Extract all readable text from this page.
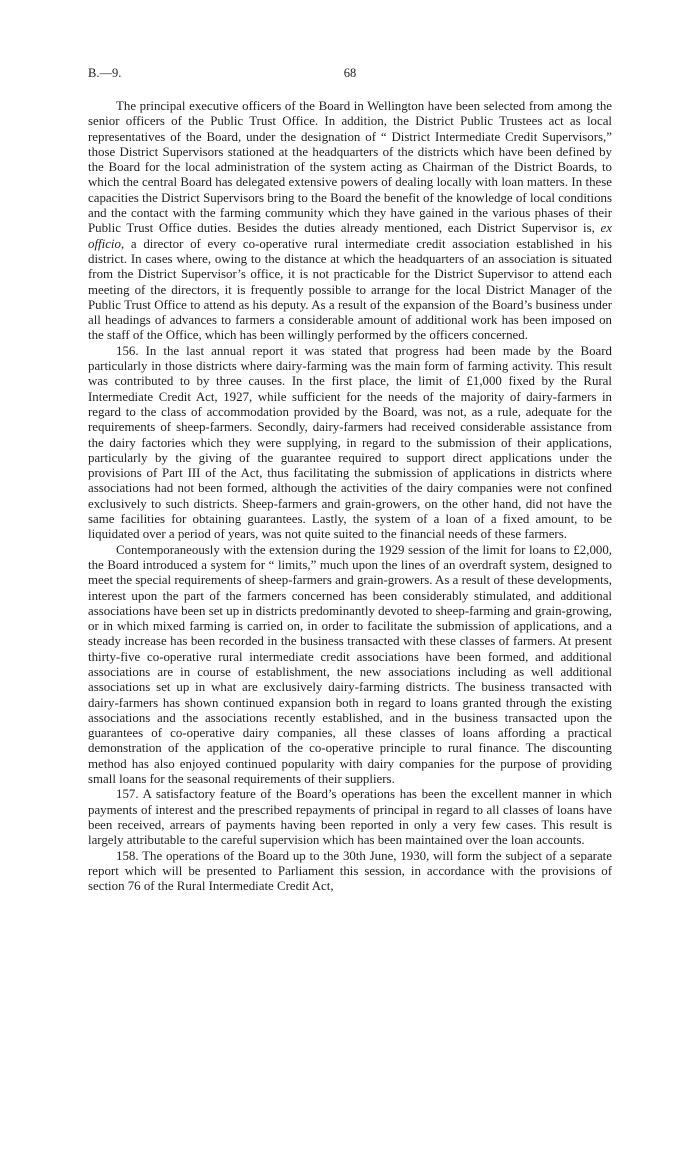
B.—9.	68

The principal executive officers of the Board in Wellington have been selected from among the senior officers of the Public Trust Office. In addition, the District Public Trustees act as local representatives of the Board, under the designation of “ District Intermediate Credit Supervisors,” those District Supervisors stationed at the headquarters of the districts which have been defined by the Board for the local administration of the system acting as Chairman of the District Boards, to which the central Board has delegated extensive powers of dealing locally with loan matters. In these capacities the District Supervisors bring to the Board the benefit of the knowledge of local conditions and the contact with the farming community which they have gained in the various phases of their Public Trust Office duties. Besides the duties already mentioned, each District Supervisor is, ex officio, a director of every co-operative rural intermediate credit association established in his district. In cases where, owing to the distance at which the headquarters of an association is situated from the District Supervisor’s office, it is not practicable for the District Supervisor to attend each meeting of the directors, it is frequently possible to arrange for the local District Manager of the Public Trust Office to attend as his deputy. As a result of the expansion of the Board’s business under all headings of advances to farmers a considerable amount of additional work has been imposed on the staff of the Office, which has been willingly performed by the officers concerned.

156. In the last annual report it was stated that progress had been made by the Board particularly in those districts where dairy-farming was the main form of farming activity. This result was contributed to by three causes. In the first place, the limit of £1,000 fixed by the Rural Intermediate Credit Act, 1927, while sufficient for the needs of the majority of dairy-farmers in regard to the class of accommodation provided by the Board, was not, as a rule, adequate for the requirements of sheep-farmers. Secondly, dairy-farmers had received considerable assistance from the dairy factories which they were supplying, in regard to the submission of their applications, particularly by the giving of the guarantee required to support direct applications under the provisions of Part III of the Act, thus facilitating the submission of applications in districts where associations had not been formed, although the activities of the dairy companies were not confined exclusively to such districts. Sheep-farmers and grain-growers, on the other hand, did not have the same facilities for obtaining guarantees. Lastly, the system of a loan of a fixed amount, to be liquidated over a period of years, was not quite suited to the financial needs of these farmers.

Contemporaneously with the extension during the 1929 session of the limit for loans to £2,000, the Board introduced a system for “ limits,” much upon the lines of an overdraft system, designed to meet the special requirements of sheep-farmers and grain-growers. As a result of these developments, interest upon the part of the farmers concerned has been considerably stimulated, and additional associations have been set up in districts predominantly devoted to sheep-farming and grain-growing, or in which mixed farming is carried on, in order to facilitate the submission of applications, and a steady increase has been recorded in the business transacted with these classes of farmers. At present thirty-five co-operative rural intermediate credit associations have been formed, and additional associations are in course of establishment, the new associations including as well additional associations set up in what are exclusively dairy-farming districts. The business transacted with dairy-farmers has shown continued expansion both in regard to loans granted through the existing associations and the associations recently established, and in the business transacted upon the guarantees of co-operative dairy companies, all these classes of loans affording a practical demonstration of the application of the co-operative principle to rural finance. The discounting method has also enjoyed continued popularity with dairy companies for the purpose of providing small loans for the seasonal requirements of their suppliers.

157. A satisfactory feature of the Board’s operations has been the excellent manner in which payments of interest and the prescribed repayments of principal in regard to all classes of loans have been received, arrears of payments having been reported in only a very few cases. This result is largely attributable to the careful supervision which has been maintained over the loan accounts.

158. The operations of the Board up to the 30th June, 1930, will form the subject of a separate report which will be presented to Parliament this session, in accordance with the provisions of section 76 of the Rural Intermediate Credit Act,
